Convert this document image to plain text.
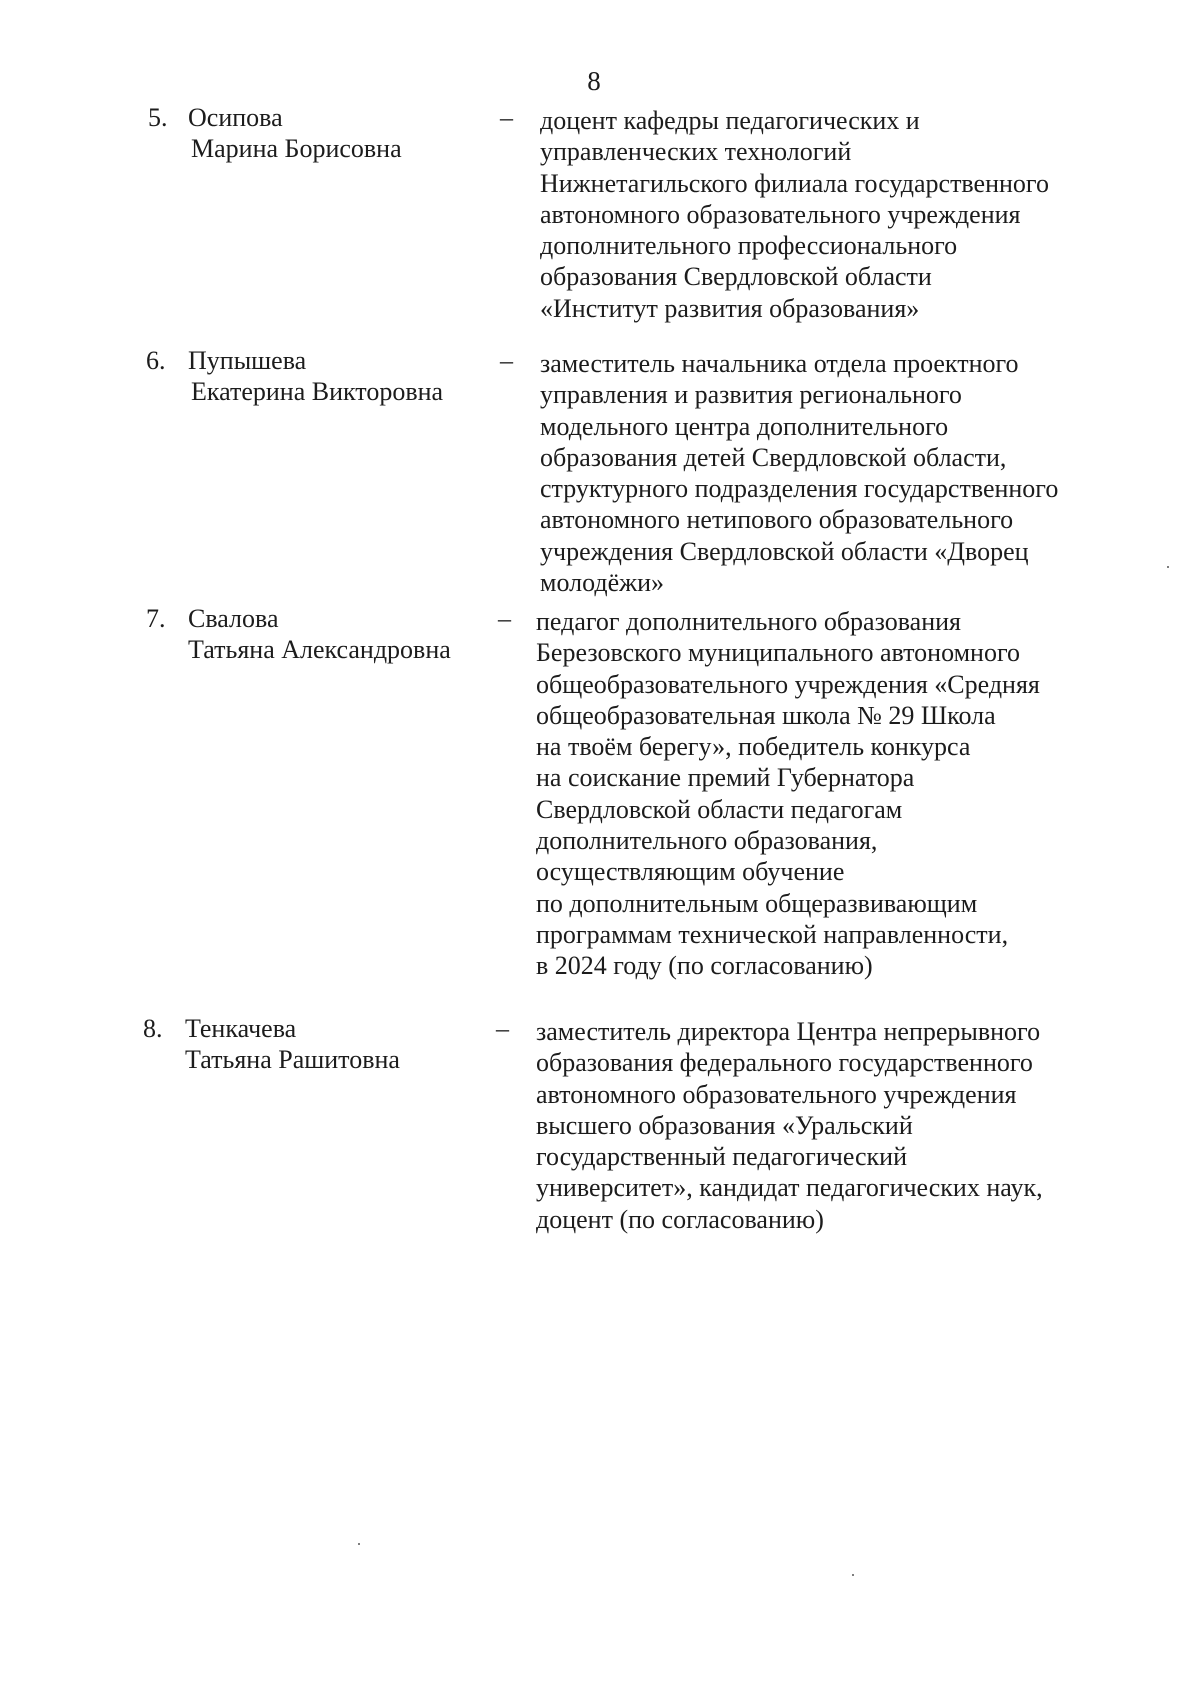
8
5. Осипова
Марина Борисовна
– доцент кафедры педагогических и
управленческих технологий
Нижнетагильского филиала государственного
автономного образовательного учреждения
дополнительного профессионального
образования Свердловской области
«Институт развития образования»
6. Пупышева
Екатерина Викторовна
– заместитель начальника отдела проектного
управления и развития регионального
модельного центра дополнительного
образования детей Свердловской области,
структурного подразделения государственного
автономного нетипового образовательного
учреждения Свердловской области «Дворец
молодёжи»
7. Свалова
Татьяна Александровна
– педагог дополнительного образования
Березовского муниципального автономного
общеобразовательного учреждения «Средняя
общеобразовательная школа № 29 Школа
на твоём берегу», победитель конкурса
на соискание премий Губернатора
Свердловской области педагогам
дополнительного образования,
осуществляющим обучение
по дополнительным общеразвивающим
программам технической направленности,
в 2024 году (по согласованию)
8. Тенкачева
Татьяна Рашитовна
– заместитель директора Центра непрерывного
образования федерального государственного
автономного образовательного учреждения
высшего образования «Уральский
государственный педагогический
университет», кандидат педагогических наук,
доцент (по согласованию)
